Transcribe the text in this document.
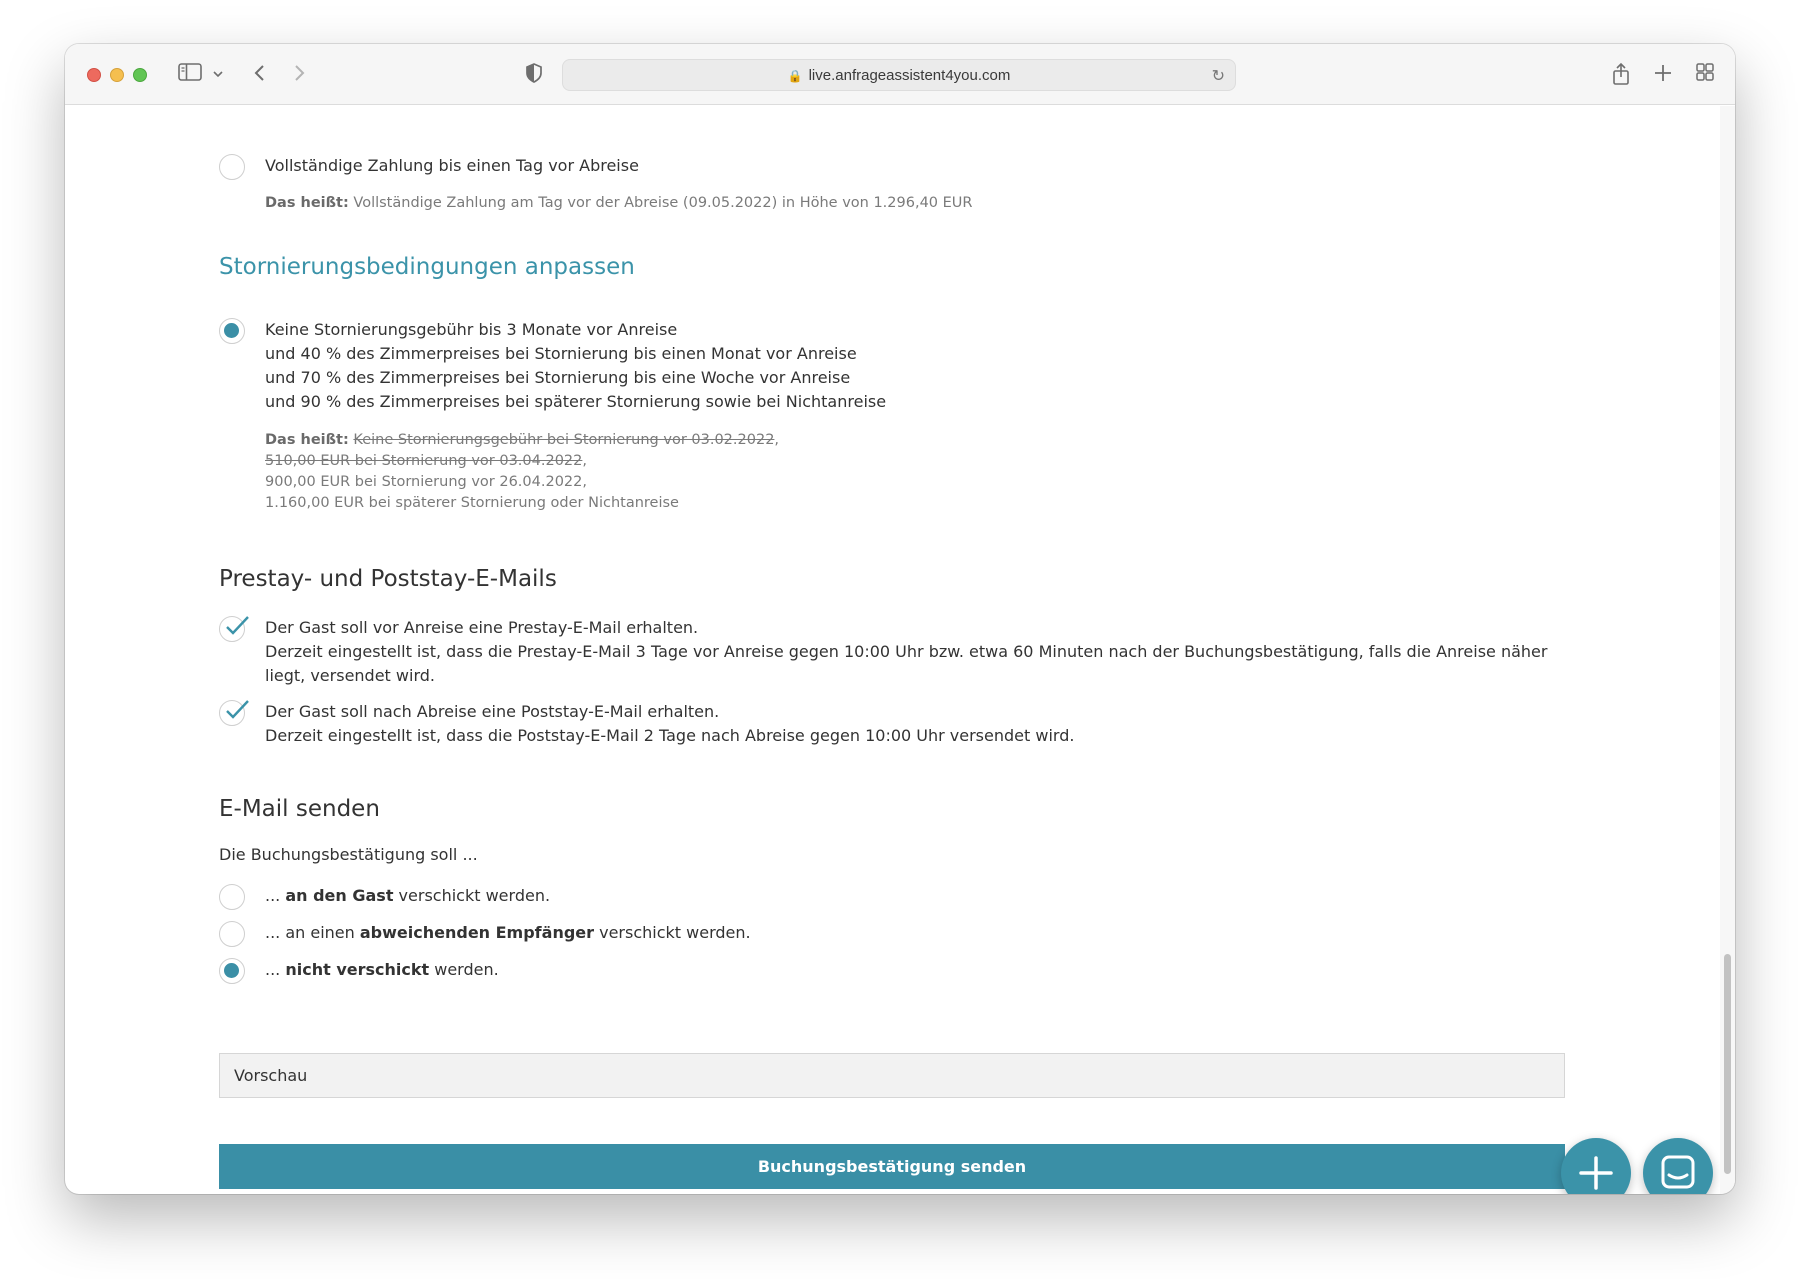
🔒 live.anfrageassistent4you.com	↻
Vollständige Zahlung bis einen Tag vor Abreise
Das heißt: Vollständige Zahlung am Tag vor der Abreise (09.05.2022) in Höhe von 1.296,40 EUR
Stornierungsbedingungen anpassen
Keine Stornierungsgebühr bis 3 Monate vor Anreise
und 40 % des Zimmerpreises bei Stornierung bis einen Monat vor Anreise
und 70 % des Zimmerpreises bei Stornierung bis eine Woche vor Anreise
und 90 % des Zimmerpreises bei späterer Stornierung sowie bei Nichtanreise
Das heißt: Keine Stornierungsgebühr bei Stornierung vor 03.02.2022,
510,00 EUR bei Stornierung vor 03.04.2022,
900,00 EUR bei Stornierung vor 26.04.2022,
1.160,00 EUR bei späterer Stornierung oder Nichtanreise
Prestay- und Poststay-E-Mails
Der Gast soll vor Anreise eine Prestay-E-Mail erhalten.
Derzeit eingestellt ist, dass die Prestay-E-Mail 3 Tage vor Anreise gegen 10:00 Uhr bzw. etwa 60 Minuten nach der Buchungsbestätigung, falls die Anreise näher
liegt, versendet wird.
Der Gast soll nach Abreise eine Poststay-E-Mail erhalten.
Derzeit eingestellt ist, dass die Poststay-E-Mail 2 Tage nach Abreise gegen 10:00 Uhr versendet wird.
E-Mail senden
Die Buchungsbestätigung soll ...
... an den Gast verschickt werden.
... an einen abweichenden Empfänger verschickt werden.
... nicht verschickt werden.
Vorschau
Buchungsbestätigung senden
